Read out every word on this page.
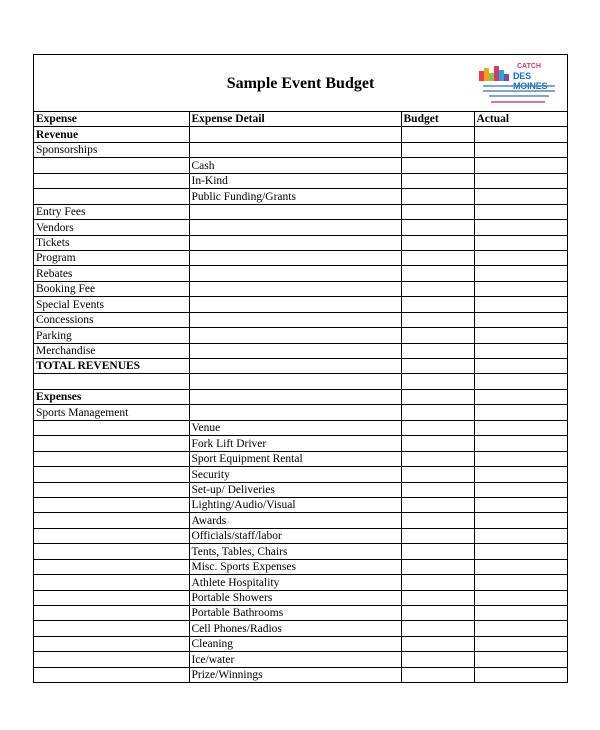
Sample Event Budget
CATCH
DES
Expense	Expense Detail	Budget	Actual
Revenue			
Sponsorships			
	Cash		
	In-Kind		
	Public Funding/Grants		
Entry Fees			
Vendors			
Tickets			
Program			
Rebates			
Booking Fee			
Special Events			
Concessions			
Parking			
Merchandise			
TOTAL REVENUES			

Expenses			
Sports Management			
	Venue		
	Fork Lift Driver		
	Sport Equipment Rental		
	Security		
	Set-up/ Deliveries		
	Lighting/Audio/Visual		
	Awards		
	Officials/staff/labor		
	Tents, Tables, Chairs		
	Misc. Sports Expenses		
	Athlete Hospitality		
	Portable Showers		
	Portable Bathrooms		
	Cell Phones/Radios		
	Cleaning		
	Ice/water		
	Prize/Winnings		
